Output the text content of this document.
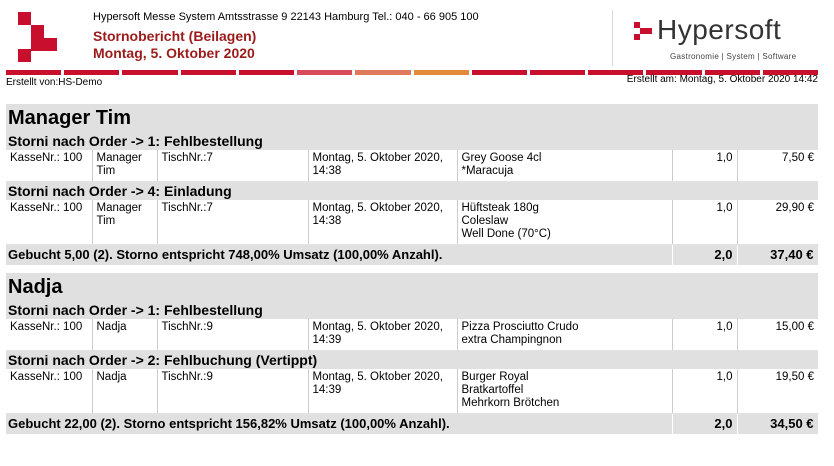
Hypersoft Messe System Amtsstrasse 9 22143 Hamburg Tel.: 040 - 66 905 100
Stornobericht (Beilagen)
Montag, 5. Oktober 2020
Hypersoft
Gastronomie | System | Software
Erstellt von:HS-Demo	Erstellt am: Montag, 5. Oktober 2020 14:42
Manager Tim						
Storni nach Order -> 1: Fehlbestellung						
KasseNr.: 100	Manager Tim	TischNr.:7	Montag, 5. Oktober 2020, 14:38	Grey Goose 4cl
*Maracuja	1,0	7,50 €
Storni nach Order -> 4: Einladung						
KasseNr.: 100	Manager Tim	TischNr.:7	Montag, 5. Oktober 2020, 14:38	Hüftsteak 180g
Coleslaw
Well Done (70°C)	1,0	29,90 €
Gebucht 5,00 (2). Storno entspricht 748,00% Umsatz (100,00% Anzahl).					2,0	37,40 €

Nadja						
Storni nach Order -> 1: Fehlbestellung						
KasseNr.: 100	Nadja	TischNr.:9	Montag, 5. Oktober 2020, 14:39	Pizza Prosciutto Crudo
extra Champingnon	1,0	15,00 €
Storni nach Order -> 2: Fehlbuchung (Vertippt)						
KasseNr.: 100	Nadja	TischNr.:9	Montag, 5. Oktober 2020, 14:39	Burger Royal
Bratkartoffel
Mehrkorn Brötchen	1,0	19,50 €
Gebucht 22,00 (2). Storno entspricht 156,82% Umsatz (100,00% Anzahl).					2,0	34,50 €
